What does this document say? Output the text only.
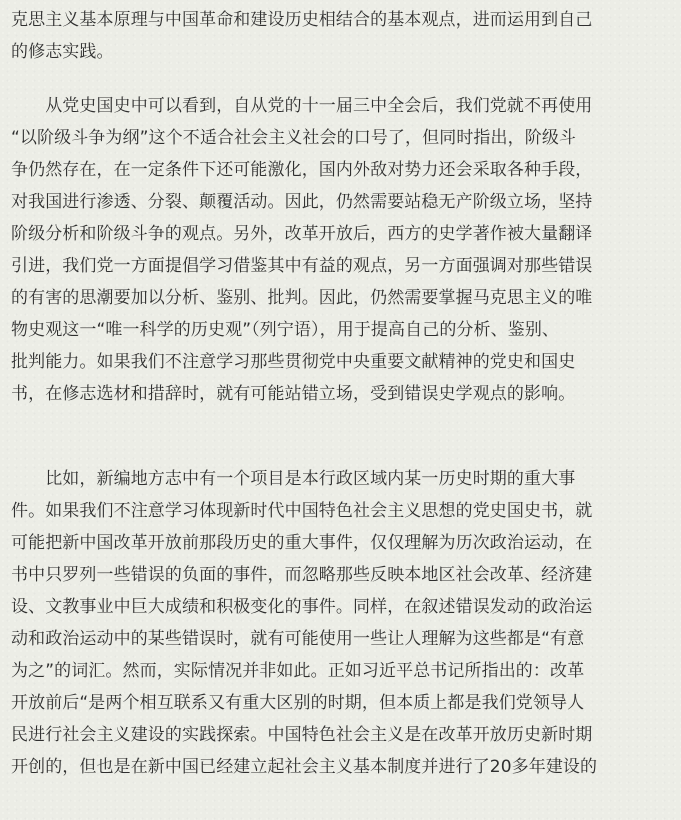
克思主义基本原理与中国革命和建设历史相结合的基本观点，进而运用到自己
的修志实践。
　　从党史国史中可以看到，自从党的十一届三中全会后，我们党就不再使用
“以阶级斗争为纲”这个不适合社会主义社会的口号了，但同时指出，阶级斗
争仍然存在，在一定条件下还可能激化，国内外敌对势力还会采取各种手段，
对我国进行渗透、分裂、颠覆活动。因此，仍然需要站稳无产阶级立场，坚持
阶级分析和阶级斗争的观点。另外，改革开放后，西方的史学著作被大量翻译
引进，我们党一方面提倡学习借鉴其中有益的观点，另一方面强调对那些错误
的有害的思潮要加以分析、鉴别、批判。因此，仍然需要掌握马克思主义的唯
物史观这一“唯一科学的历史观”（列宁语），用于提高自己的分析、鉴别、
批判能力。如果我们不注意学习那些贯彻党中央重要文献精神的党史和国史
书，在修志选材和措辞时，就有可能站错立场，受到错误史学观点的影响。
　　比如，新编地方志中有一个项目是本行政区域内某一历史时期的重大事
件。如果我们不注意学习体现新时代中国特色社会主义思想的党史国史书，就
可能把新中国改革开放前那段历史的重大事件，仅仅理解为历次政治运动，在
书中只罗列一些错误的负面的事件，而忽略那些反映本地区社会改革、经济建
设、文教事业中巨大成绩和积极变化的事件。同样，在叙述错误发动的政治运
动和政治运动中的某些错误时，就有可能使用一些让人理解为这些都是“有意
为之”的词汇。然而，实际情况并非如此。正如习近平总书记所指出的：改革
开放前后“是两个相互联系又有重大区别的时期，但本质上都是我们党领导人
民进行社会主义建设的实践探索。中国特色社会主义是在改革开放历史新时期
开创的，但也是在新中国已经建立起社会主义基本制度并进行了20多年建设的
